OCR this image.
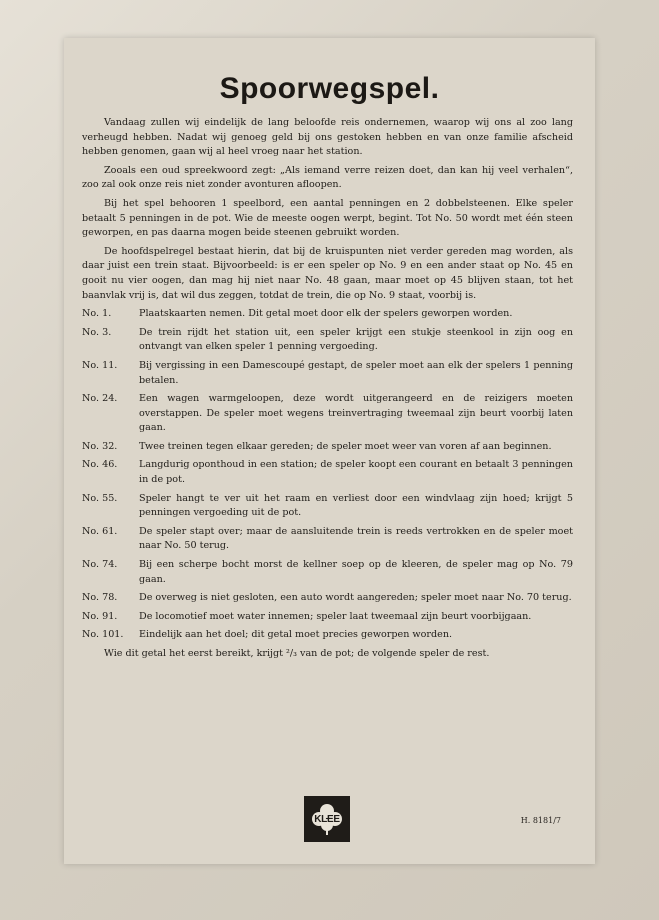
Spoorwegspel.

Vandaag zullen wij eindelijk de lang beloofde reis ondernemen, waarop wij ons al zoo lang verheugd hebben. Nadat wij genoeg geld bij ons gestoken hebben en van onze familie afscheid hebben genomen, gaan wij al heel vroeg naar het station.

Zooals een oud spreekwoord zegt: „Als iemand verre reizen doet, dan kan hij veel verhalen“, zoo zal ook onze reis niet zonder avonturen afloopen.

Bij het spel behooren 1 speelbord, een aantal penningen en 2 dobbelsteenen. Elke speler betaalt 5 penningen in de pot. Wie de meeste oogen werpt, begint. Tot No. 50 wordt met één steen geworpen, en pas daarna mogen beide steenen gebruikt worden.

De hoofdspelregel bestaat hierin, dat bij de kruispunten niet verder gereden mag worden, als daar juist een trein staat. Bijvoorbeeld: is er een speler op No. 9 en een ander staat op No. 45 en gooit nu vier oogen, dan mag hij niet naar No. 48 gaan, maar moet op 45 blijven staan, tot het baanvlak vrij is, dat wil dus zeggen, totdat de trein, die op No. 9 staat, voorbij is.

No. 1.	Plaatskaarten nemen. Dit getal moet door elk der spelers geworpen worden.
No. 3.	De trein rijdt het station uit, een speler krijgt een stukje steenkool in zijn oog en ontvangt van elken speler 1 penning vergoeding.
No. 11.	Bij vergissing in een Damescoupé gestapt, de speler moet aan elk der spelers 1 penning betalen.
No. 24.	Een wagen warmgeloopen, deze wordt uitgerangeerd en de reizigers moeten overstappen. De speler moet wegens treinvertraging tweemaal zijn beurt voorbij laten gaan.
No. 32.	Twee treinen tegen elkaar gereden; de speler moet weer van voren af aan beginnen.
No. 46.	Langdurig oponthoud in een station; de speler koopt een courant en betaalt 3 penningen in de pot.
No. 55.	Speler hangt te ver uit het raam en verliest door een windvlaag zijn hoed; krijgt 5 penningen vergoeding uit de pot.
No. 61.	De speler stapt over; maar de aansluitende trein is reeds vertrokken en de speler moet naar No. 50 terug.
No. 74.	Bij een scherpe bocht morst de kellner soep op de kleeren, de speler mag op No. 79 gaan.
No. 78.	De overweg is niet gesloten, een auto wordt aangereden; speler moet naar No. 70 terug.
No. 91.	De locomotief moet water innemen; speler laat tweemaal zijn beurt voorbijgaan.
No. 101.	Eindelijk aan het doel; dit getal moet precies geworpen worden.

Wie dit getal het eerst bereikt, krijgt ²/₃ van de pot; de volgende speler de rest.

KLEE	H. 8181/7
